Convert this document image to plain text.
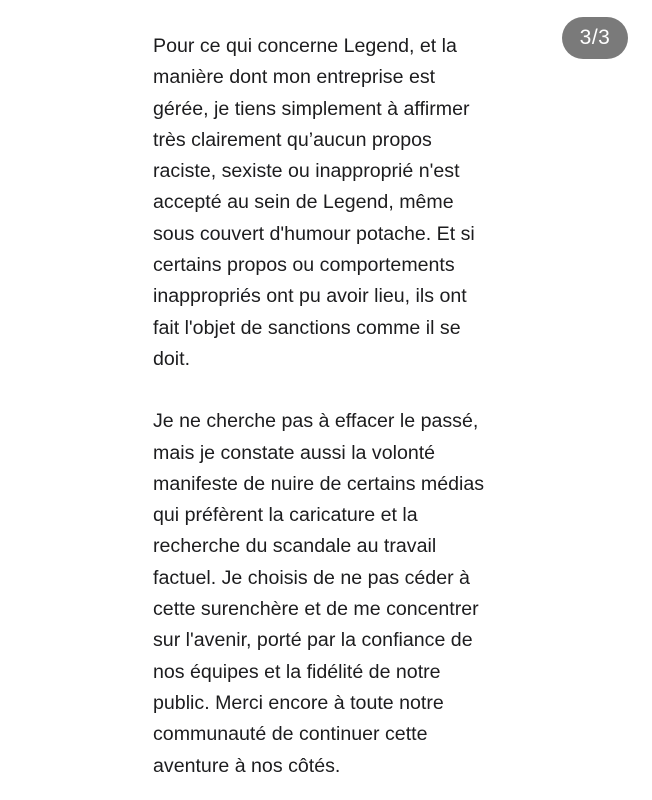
3/3

Pour ce qui concerne Legend, et la
manière dont mon entreprise est
gérée, je tiens simplement à affirmer
très clairement qu’aucun propos
raciste, sexiste ou inapproprié n'est
accepté au sein de Legend, même
sous couvert d'humour potache. Et si
certains propos ou comportements
inappropriés ont pu avoir lieu, ils ont
fait l'objet de sanctions comme il se
doit.

Je ne cherche pas à effacer le passé,
mais je constate aussi la volonté
manifeste de nuire de certains médias
qui préfèrent la caricature et la
recherche du scandale au travail
factuel. Je choisis de ne pas céder à
cette surenchère et de me concentrer
sur l'avenir, porté par la confiance de
nos équipes et la fidélité de notre
public. Merci encore à toute notre
communauté de continuer cette
aventure à nos côtés.
